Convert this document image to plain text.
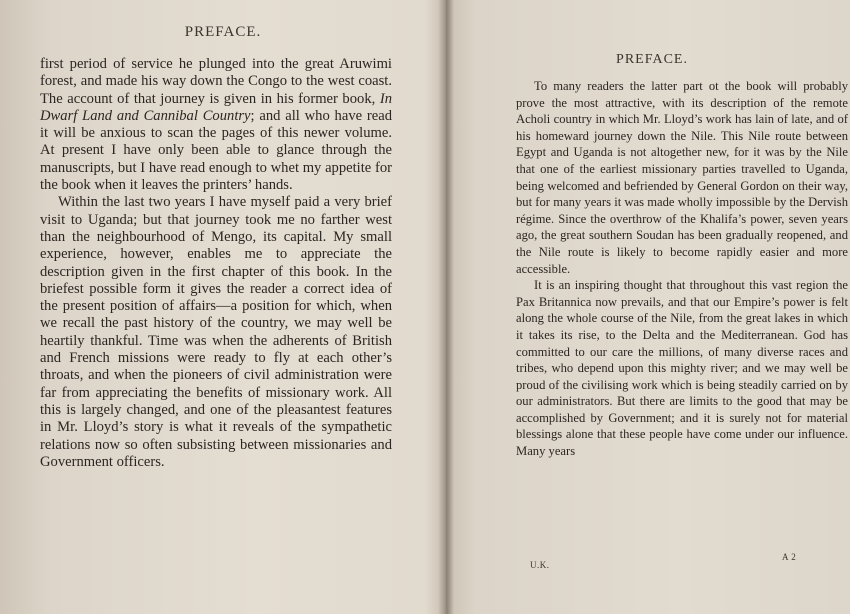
PREFACE.

first period of service he plunged into the great Aruwimi forest, and made his way down the Congo to the west coast. The account of that journey is given in his former book, In Dwarf Land and Cannibal Country; and all who have read it will be anxious to scan the pages of this newer volume. At present I have only been able to glance through the manuscripts, but I have read enough to whet my appetite for the book when it leaves the printers’ hands.

Within the last two years I have myself paid a very brief visit to Uganda; but that journey took me no farther west than the neighbourhood of Mengo, its capital. My small experience, however, enables me to appreciate the description given in the first chapter of this book. In the briefest possible form it gives the reader a correct idea of the present position of affairs—a position for which, when we recall the past history of the country, we may well be heartily thankful. Time was when the adherents of British and French missions were ready to fly at each other’s throats, and when the pioneers of civil administration were far from appreciating the benefits of missionary work. All this is largely changed, and one of the pleasantest features in Mr. Lloyd’s story is what it reveals of the sympathetic relations now so often subsisting between missionaries and Government officers.

PREFACE.

To many readers the latter part ot the book will probably prove the most attractive, with its description of the remote Acholi country in which Mr. Lloyd’s work has lain of late, and of his homeward journey down the Nile. This Nile route between Egypt and Uganda is not altogether new, for it was by the Nile that one of the earliest missionary parties travelled to Uganda, being welcomed and befriended by General Gordon on their way, but for many years it was made wholly impossible by the Dervish régime. Since the overthrow of the Khalifa’s power, seven years ago, the great southern Soudan has been gradually reopened, and the Nile route is likely to become rapidly easier and more accessible.

It is an inspiring thought that throughout this vast region the Pax Britannica now prevails, and that our Empire’s power is felt along the whole course of the Nile, from the great lakes in which it takes its rise, to the Delta and the Mediterranean. God has committed to our care the millions, of many diverse races and tribes, who depend upon this mighty river; and we may well be proud of the civilising work which is being steadily carried on by our administrators. But there are limits to the good that may be accomplished by Government; and it is surely not for material blessings alone that these people have come under our influence. Many years

U.K.
A 2
